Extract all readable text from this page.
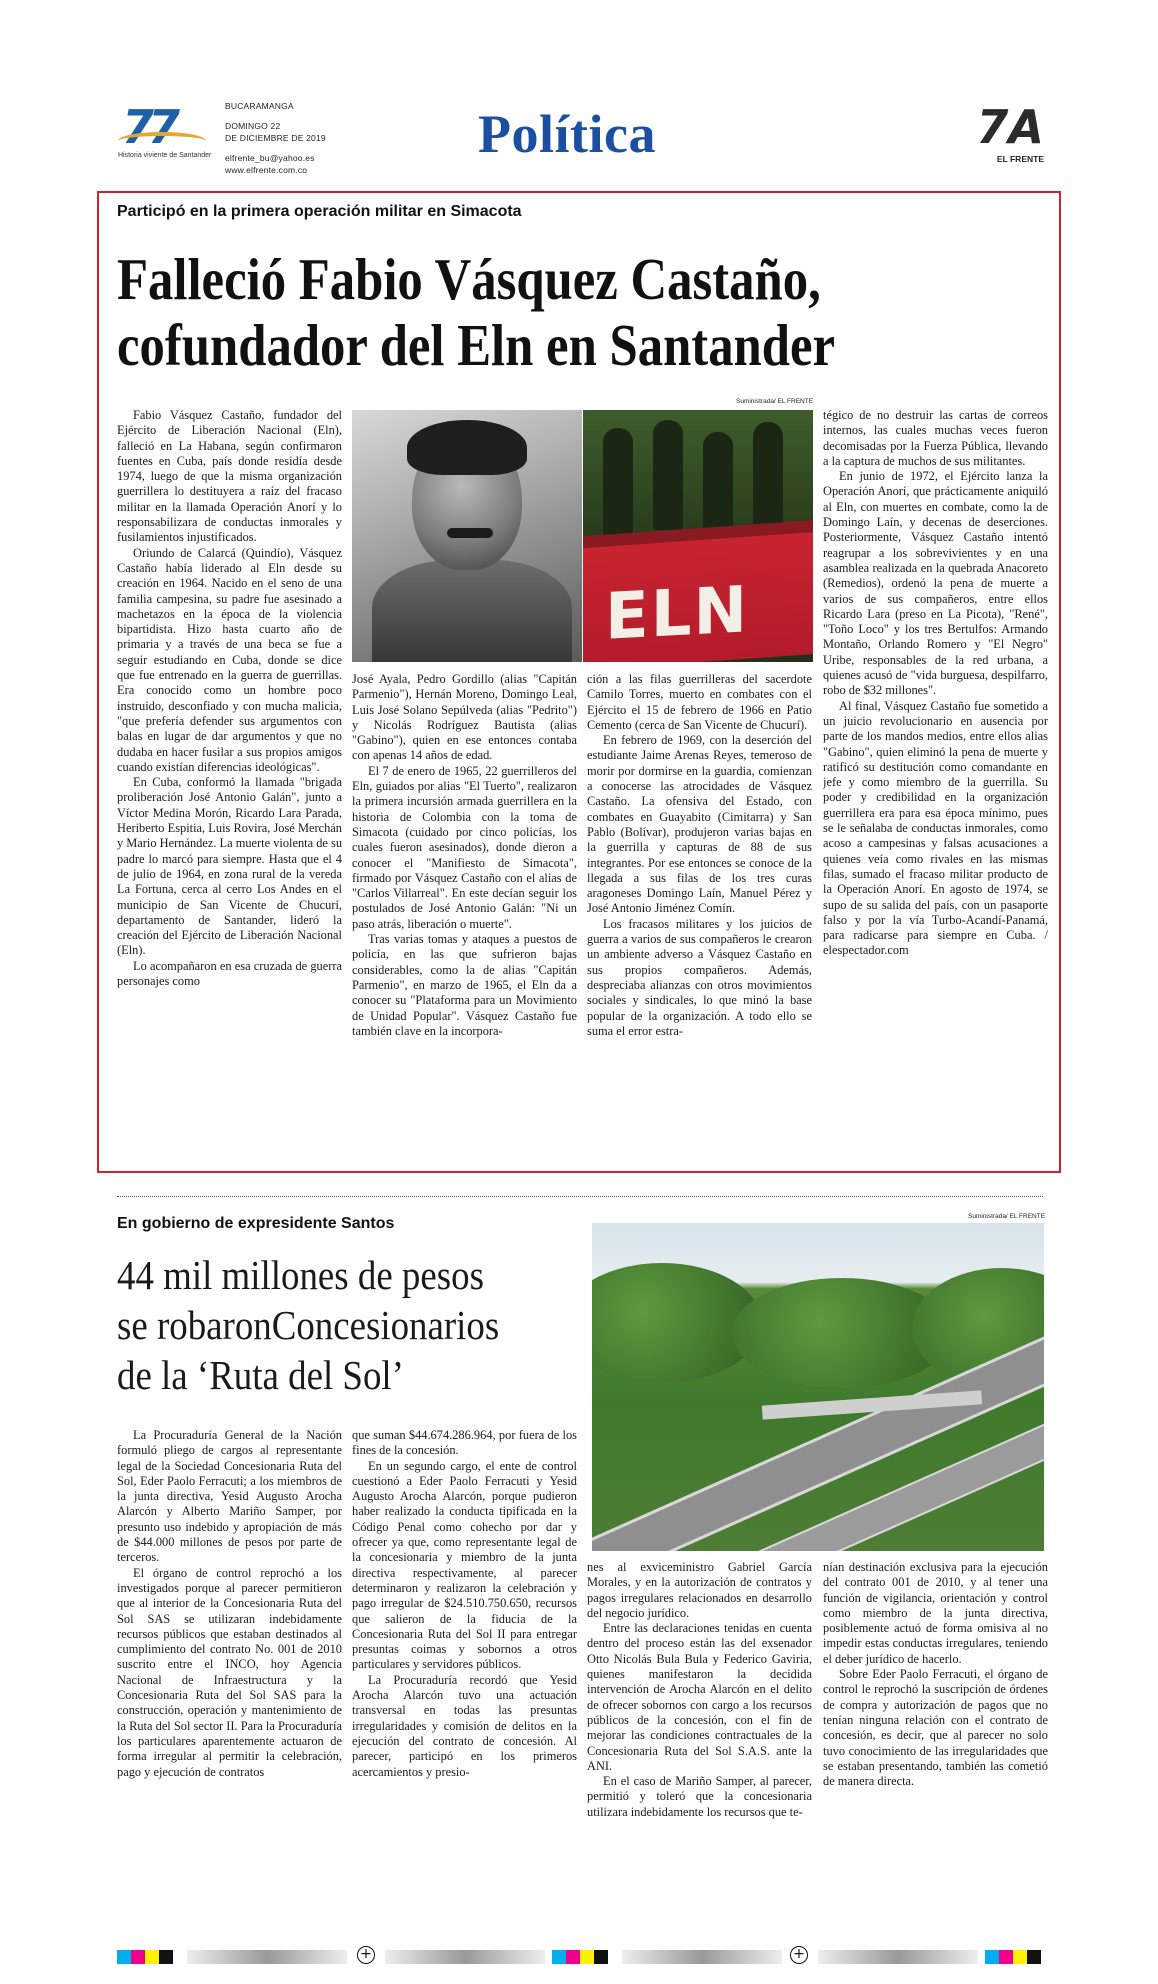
77
Historia viviente de Santander
BUCARAMANGA
DOMINGO 22
DE DICIEMBRE DE 2019
elfrente_bu@yahoo.es
www.elfrente.com.co
Política	7A
EL FRENTE
Participó en la primera operación militar en Simacota
Falleció Fabio Vásquez Castaño,
cofundador del Eln en Santander
Suministrada/ EL FRENTE
ELN

Fabio Vásquez Castaño, fundador del Ejército de Liberación Nacional (Eln), falleció en La Habana, según confirmaron fuentes en Cuba, país donde residía desde 1974, luego de que la misma organización guerrillera lo destituyera a raíz del fracaso militar en la llamada Operación Anorí y lo responsabilizara de conductas inmorales y fusilamientos injustificados.

Oriundo de Calarcá (Quindío), Vásquez Castaño había liderado al Eln desde su creación en 1964. Nacido en el seno de una familia campesina, su padre fue asesinado a machetazos en la época de la violencia bipartidista. Hizo hasta cuarto año de primaria y a través de una beca se fue a seguir estudiando en Cuba, donde se dice que fue entrenado en la guerra de guerrillas. Era conocido como un hombre poco instruido, desconfiado y con mucha malicia, "que prefería defender sus argumentos con balas en lugar de dar argumentos y que no dudaba en hacer fusilar a sus propios amigos cuando existían diferencias ideológicas".

En Cuba, conformó la llamada "brigada proliberación José Antonio Galán", junto a Víctor Medina Morón, Ricardo Lara Parada, Heriberto Espitia, Luis Rovira, José Merchán y Mario Hernández. La muerte violenta de su padre lo marcó para siempre. Hasta que el 4 de julio de 1964, en zona rural de la vereda La Fortuna, cerca al cerro Los Andes en el municipio de San Vicente de Chucurí, departamento de Santander, lideró la creación del Ejército de Liberación Nacional (Eln).

Lo acompañaron en esa cruzada de guerra personajes como

José Ayala, Pedro Gordillo (alias "Capitán Parmenio"), Hernán Moreno, Domingo Leal, Luis José Solano Sepúlveda (alias "Pedrito") y Nicolás Rodríguez Bautista (alias "Gabino"), quien en ese entonces contaba con apenas 14 años de edad.

El 7 de enero de 1965, 22 guerrilleros del Eln, guiados por alias "El Tuerto", realizaron la primera incursión armada guerrillera en la historia de Colombia con la toma de Simacota (cuidado por cinco policías, los cuales fueron asesinados), donde dieron a conocer el "Manifiesto de Simacota", firmado por Vásquez Castaño con el alias de "Carlos Villarreal". En este decían seguir los postulados de José Antonio Galán: "Ni un paso atrás, liberación o muerte".

Tras varias tomas y ataques a puestos de policía, en las que sufrieron bajas considerables, como la de alias "Capitán Parmenio", en marzo de 1965, el Eln da a conocer su "Plataforma para un Movimiento de Unidad Popular". Vásquez Castaño fue también clave en la incorpora-

ción a las filas guerrilleras del sacerdote Camilo Torres, muerto en combates con el Ejército el 15 de febrero de 1966 en Patio Cemento (cerca de San Vicente de Chucurí).

En febrero de 1969, con la deserción del estudiante Jaime Arenas Reyes, temeroso de morir por dormirse en la guardia, comienzan a conocerse las atrocidades de Vásquez Castaño. La ofensiva del Estado, con combates en Guayabito (Cimitarra) y San Pablo (Bolívar), produjeron varias bajas en la guerrilla y capturas de 88 de sus integrantes. Por ese entonces se conoce de la llegada a sus filas de los tres curas aragoneses Domingo Laín, Manuel Pérez y José Antonio Jiménez Comín.

Los fracasos militares y los juicios de guerra a varios de sus compañeros le crearon un ambiente adverso a Vásquez Castaño en sus propios compañeros. Además, despreciaba alianzas con otros movimientos sociales y sindicales, lo que minó la base popular de la organización. A todo ello se suma el error estra-

tégico de no destruir las cartas de correos internos, las cuales muchas veces fueron decomisadas por la Fuerza Pública, llevando a la captura de muchos de sus militantes.

En junio de 1972, el Ejército lanza la Operación Anorí, que prácticamente aniquiló al Eln, con muertes en combate, como la de Domingo Laín, y decenas de deserciones. Posteriormente, Vásquez Castaño intentó reagrupar a los sobrevivientes y en una asamblea realizada en la quebrada Anacoreto (Remedios), ordenó la pena de muerte a varios de sus compañeros, entre ellos Ricardo Lara (preso en La Picota), "René", "Toño Loco" y los tres Bertulfos: Armando Montaño, Orlando Romero y "El Negro" Uribe, responsables de la red urbana, a quienes acusó de "vida burguesa, despilfarro, robo de $32 millones".

Al final, Vásquez Castaño fue sometido a un juicio revolucionario en ausencia por parte de los mandos medios, entre ellos alias "Gabino", quien eliminó la pena de muerte y ratificó su destitución como comandante en jefe y como miembro de la guerrilla. Su poder y credibilidad en la organización guerrillera era para esa época mínimo, pues se le señalaba de conductas inmorales, como acoso a campesinas y falsas acusaciones a quienes veía como rivales en las mismas filas, sumado el fracaso militar producto de la Operación Anorí. En agosto de 1974, se supo de su salida del país, con un pasaporte falso y por la vía Turbo-Acandí-Panamá, para radicarse para siempre en Cuba. / elespectador.com

En gobierno de expresidente Santos
44 mil millones de pesos
se robaronConcesionarios
de la ‘Ruta del Sol’
Suministrada/ EL FRENTE

La Procuraduría General de la Nación formuló pliego de cargos al representante legal de la Sociedad Concesionaria Ruta del Sol, Eder Paolo Ferracuti; a los miembros de la junta directiva, Yesid Augusto Arocha Alarcón y Alberto Mariño Samper, por presunto uso indebido y apropiación de más de $44.000 millones de pesos por parte de terceros.

El órgano de control reprochó a los investigados porque al parecer permitieron que al interior de la Concesionaria Ruta del Sol SAS se utilizaran indebidamente recursos públicos que estaban destinados al cumplimiento del contrato No. 001 de 2010 suscrito entre el INCO, hoy Agencia Nacional de Infraestructura y la Concesionaria Ruta del Sol SAS para la construcción, operación y mantenimiento de la Ruta del Sol sector II. Para la Procuraduría los particulares aparentemente actuaron de forma irregular al permitir la celebración, pago y ejecución de contratos

que suman $44.674.286.964, por fuera de los fines de la concesión.

En un segundo cargo, el ente de control cuestionó a Eder Paolo Ferracuti y Yesid Augusto Arocha Alarcón, porque pudieron haber realizado la conducta tipificada en la Código Penal como cohecho por dar y ofrecer ya que, como representante legal de la concesionaria y miembro de la junta directiva respectivamente, al parecer determinaron y realizaron la celebración y pago irregular de $24.510.750.650, recursos que salieron de la fiducia de la Concesionaria Ruta del Sol II para entregar presuntas coimas y sobornos a otros particulares y servidores públicos.

La Procuraduría recordó que Yesid Arocha Alarcón tuvo una actuación transversal en todas las presuntas irregularidades y comisión de delitos en la ejecución del contrato de concesión. Al parecer, participó en los primeros acercamientos y presio-

nes al exviceministro Gabriel García Morales, y en la autorización de contratos y pagos irregulares relacionados en desarrollo del negocio jurídico.

Entre las declaraciones tenidas en cuenta dentro del proceso están las del exsenador Otto Nicolás Bula Bula y Federico Gaviria, quienes manifestaron la decidida intervención de Arocha Alarcón en el delito de ofrecer sobornos con cargo a los recursos públicos de la concesión, con el fin de mejorar las condiciones contractuales de la Concesionaria Ruta del Sol S.A.S. ante la ANI.

En el caso de Mariño Samper, al parecer, permitió y toleró que la concesionaria utilizara indebidamente los recursos que te-

nían destinación exclusiva para la ejecución del contrato 001 de 2010, y al tener una función de vigilancia, orientación y control como miembro de la junta directiva, posiblemente actuó de forma omisiva al no impedir estas conductas irregulares, teniendo el deber jurídico de hacerlo.

Sobre Eder Paolo Ferracuti, el órgano de control le reprochó la suscripción de órdenes de compra y autorización de pagos que no tenían ninguna relación con el contrato de concesión, es decir, que al parecer no solo tuvo conocimiento de las irregularidades que se estaban presentando, también las cometió de manera directa.

+	+
